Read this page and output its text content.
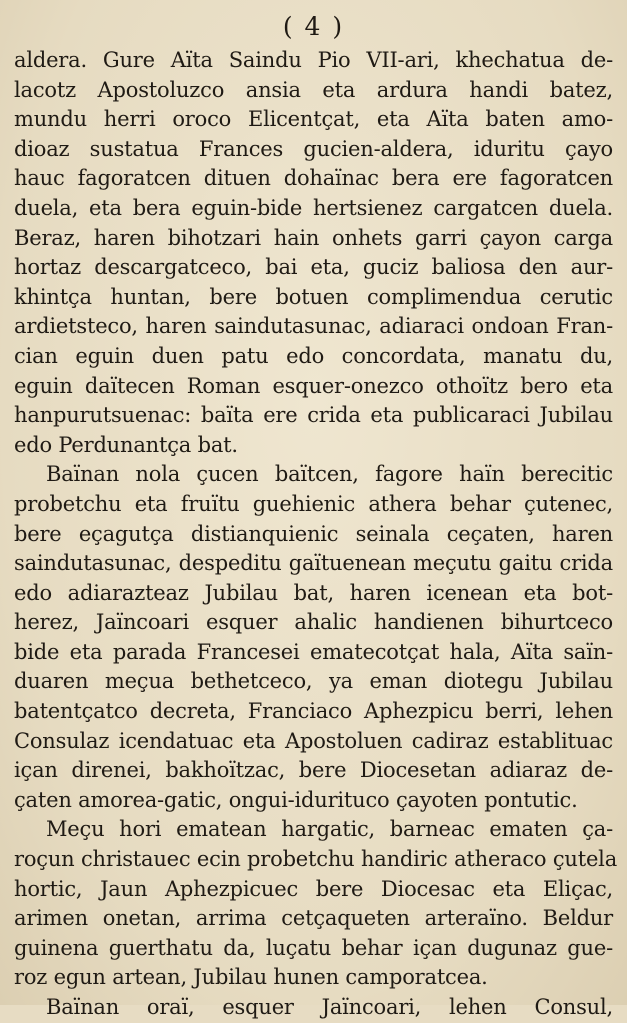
( 4 )
aldera. Gure Aïta Saindu Pio VII-ari, khechatua de-
lacotz Apostoluzco ansia eta ardura handi batez,
mundu herri oroco Elicentçat, eta Aïta baten amo-
dioaz sustatua Frances gucien-aldera, iduritu çayo
hauc fagoratcen dituen dohaïnac bera ere fagoratcen
duela, eta bera eguin-bide hertsienez cargatcen duela.
Beraz, haren bihotzari hain onhets garri çayon carga
hortaz descargatceco, bai eta, guciz baliosa den aur-
khintça huntan, bere botuen complimendua cerutic
ardietsteco, haren saindutasunac, adiaraci ondoan Fran-
cian eguin duen patu edo concordata, manatu du,
eguin daïtecen Roman esquer-onezco othoïtz bero eta
hanpurutsuenac: baïta ere crida eta publicaraci Jubilau
edo Perdunantça bat.
Baïnan nola çucen baïtcen, fagore haïn berecitic
probetchu eta fruïtu guehienic athera behar çutenec,
bere eçagutça distianquienic seinala ceçaten, haren
saindutasunac, despeditu gaïtuenean meçutu gaitu crida
edo adiarazteaz Jubilau bat, haren icenean eta bot-
herez, Jaïncoari esquer ahalic handienen bihurtceco
bide eta parada Francesei ematecotçat hala, Aïta saïn-
duaren meçua bethetceco, ya eman diotegu Jubilau
batentçatco decreta, Franciaco Aphezpicu berri, lehen
Consulaz icendatuac eta Apostoluen cadiraz establituac
içan direnei, bakhoïtzac, bere Diocesetan adiaraz de-
çaten amorea-gatic, ongui-idurituco çayoten pontutic.
Meçu hori ematean hargatic, barneac ematen ça-
roçun christauec ecin probetchu handiric atheraco çutela
hortic, Jaun Aphezpicuec bere Diocesac eta Eliçac,
arimen onetan, arrima cetçaqueten arteraïno. Beldur
guinena guerthatu da, luçatu behar içan dugunaz gue-
roz egun artean, Jubilau hunen camporatcea.
Baïnan oraï, esquer Jaïncoari, lehen Consul,
